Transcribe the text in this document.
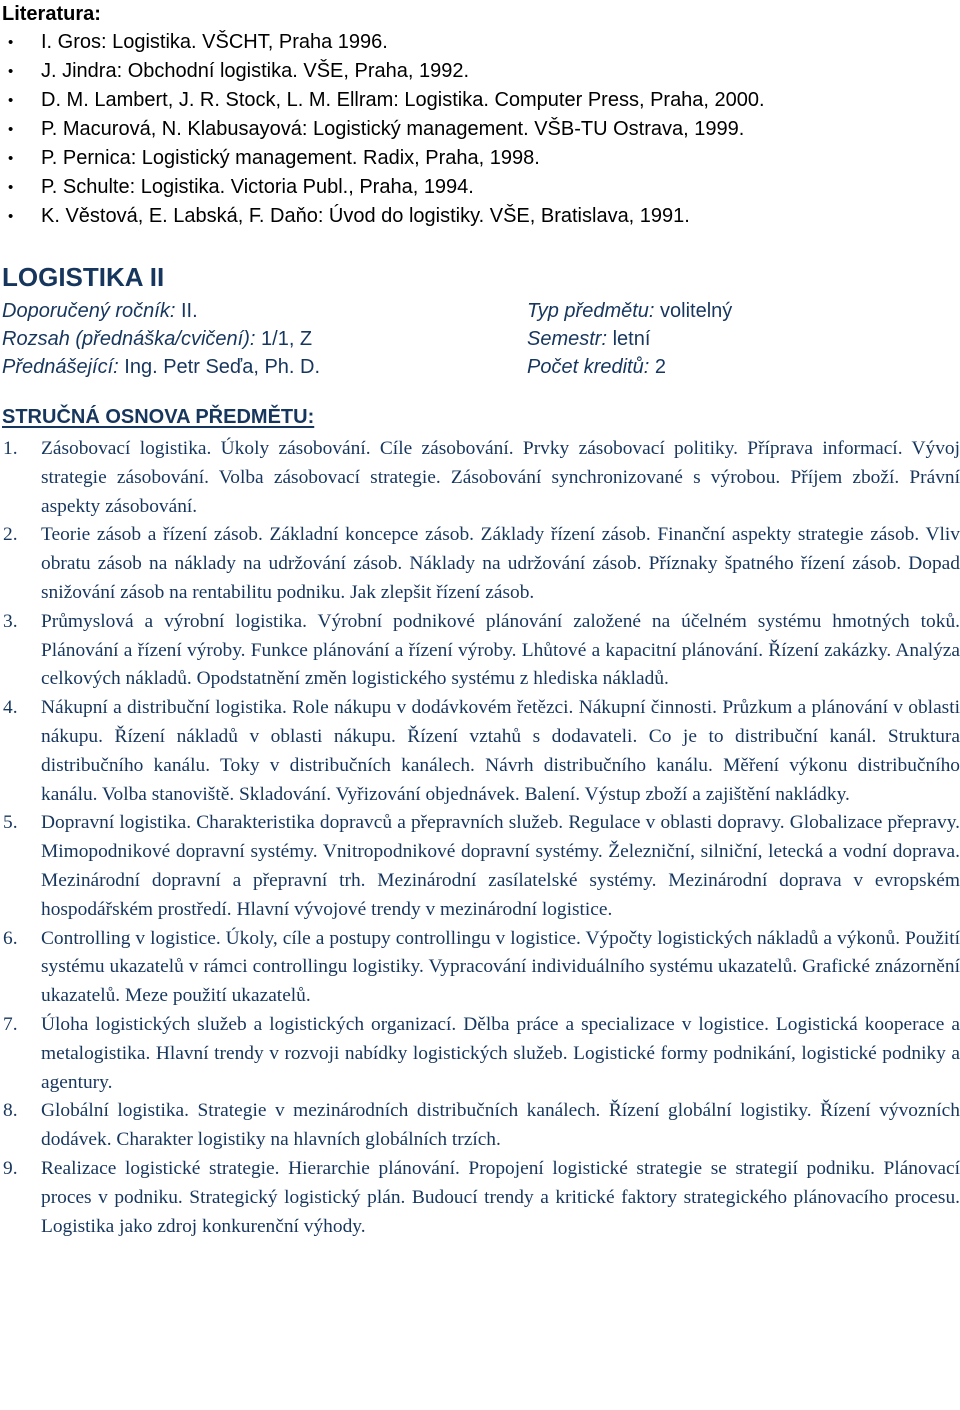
Literatura:
• I. Gros: Logistika. VŠCHT, Praha 1996.
• J. Jindra: Obchodní logistika. VŠE, Praha, 1992.
• D. M. Lambert, J. R. Stock, L. M. Ellram: Logistika. Computer Press, Praha, 2000.
• P. Macurová, N. Klabusayová: Logistický management. VŠB-TU Ostrava, 1999.
• P. Pernica: Logistický management. Radix, Praha, 1998.
• P. Schulte: Logistika. Victoria Publ., Praha, 1994.
• K. Věstová, E. Labská, F. Daňo: Úvod do logistiky. VŠE, Bratislava, 1991.
LOGISTIKA II
Doporučený ročník: II.	Typ předmětu: volitelný
Rozsah (přednáška/cvičení): 1/1, Z	Semestr: letní
Přednášející: Ing. Petr Seďa, Ph. D.	Počet kreditů: 2
STRUČNÁ OSNOVA PŘEDMĚTU:
1. Zásobovací logistika. Úkoly zásobování. Cíle zásobování. Prvky zásobovací politiky. Příprava informací. Vývoj strategie zásobování. Volba zásobovací strategie. Zásobování synchronizované s výrobou. Příjem zboží. Právní aspekty zásobování.
2. Teorie zásob a řízení zásob. Základní koncepce zásob. Základy řízení zásob. Finanční aspekty strategie zásob. Vliv obratu zásob na náklady na udržování zásob. Náklady na udržování zásob. Příznaky špatného řízení zásob. Dopad snižování zásob na rentabilitu podniku. Jak zlepšit řízení zásob.
3. Průmyslová a výrobní logistika. Výrobní podnikové plánování založené na účelném systému hmotných toků. Plánování a řízení výroby. Funkce plánování a řízení výroby. Lhůtové a kapacitní plánování. Řízení zakázky. Analýza celkových nákladů. Opodstatnění změn logistického systému z hlediska nákladů.
4. Nákupní a distribuční logistika. Role nákupu v dodávkovém řetězci. Nákupní činnosti. Průzkum a plánování v oblasti nákupu. Řízení nákladů v oblasti nákupu. Řízení vztahů s dodavateli. Co je to distribuční kanál. Struktura distribučního kanálu. Toky v distribučních kanálech. Návrh distribučního kanálu. Měření výkonu distribučního kanálu. Volba stanoviště. Skladování. Vyřizování objednávek. Balení. Výstup zboží a zajištění nakládky.
5. Dopravní logistika. Charakteristika dopravců a přepravních služeb. Regulace v oblasti dopravy. Globalizace přepravy. Mimopodnikové dopravní systémy. Vnitropodnikové dopravní systémy. Železniční, silniční, letecká a vodní doprava. Mezinárodní dopravní a přepravní trh. Mezinárodní zasílatelské systémy. Mezinárodní doprava v evropském hospodářském prostředí. Hlavní vývojové trendy v mezinárodní logistice.
6. Controlling v logistice. Úkoly, cíle a postupy controllingu v logistice. Výpočty logistických nákladů a výkonů. Použití systému ukazatelů v rámci controllingu logistiky. Vypracování individuálního systému ukazatelů. Grafické znázornění ukazatelů. Meze použití ukazatelů.
7. Úloha logistických služeb a logistických organizací. Dělba práce a specializace v logistice. Logistická kooperace a metalogistika. Hlavní trendy v rozvoji nabídky logistických služeb. Logistické formy podnikání, logistické podniky a agentury.
8. Globální logistika. Strategie v mezinárodních distribučních kanálech. Řízení globální logistiky. Řízení vývozních dodávek. Charakter logistiky na hlavních globálních trzích.
9. Realizace logistické strategie. Hierarchie plánování. Propojení logistické strategie se strategií podniku. Plánovací proces v podniku. Strategický logistický plán. Budoucí trendy a kritické faktory strategického plánovacího procesu. Logistika jako zdroj konkurenční výhody.
